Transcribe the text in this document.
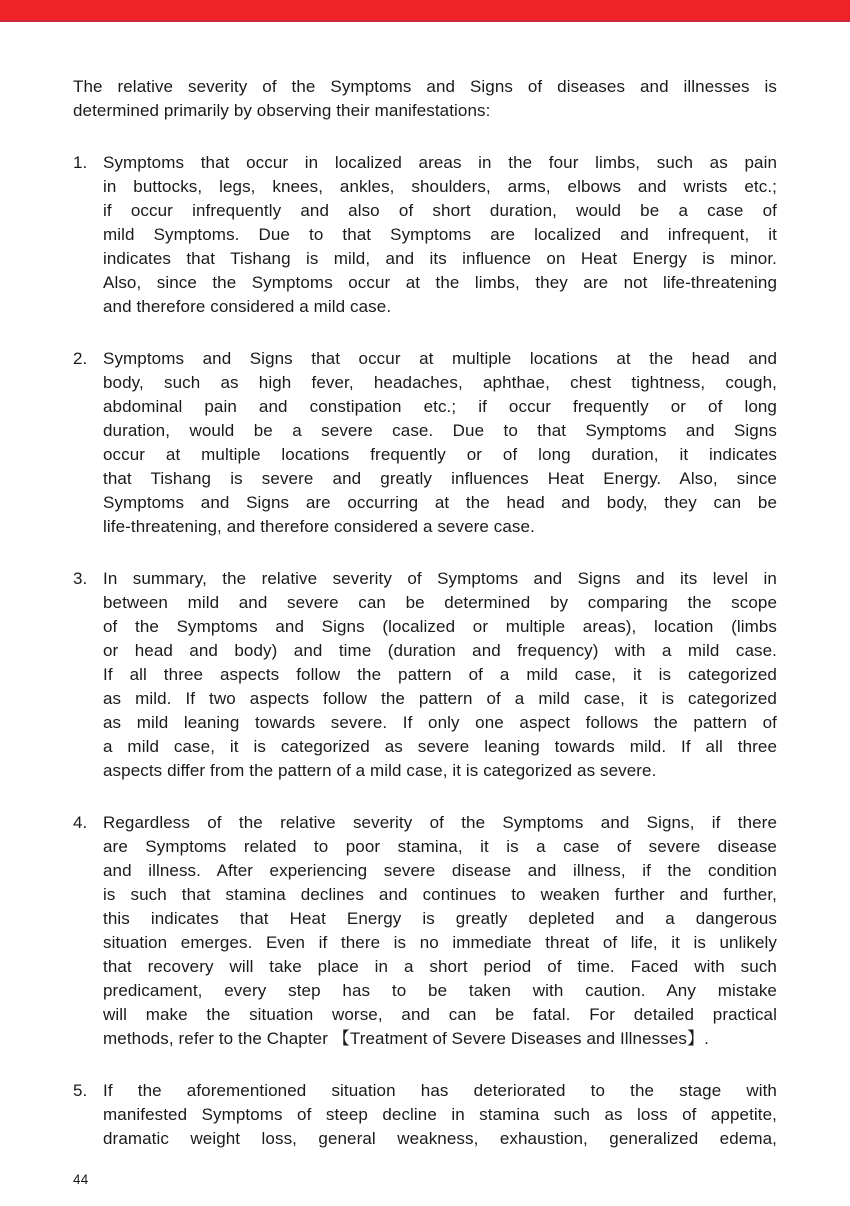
The relative severity of the Symptoms and Signs of diseases and illnesses is
determined primarily by observing their manifestations:
1. Symptoms that occur in localized areas in the four limbs, such as pain
in buttocks, legs, knees, ankles, shoulders, arms, elbows and wrists etc.;
if occur infrequently and also of short duration, would be a case of
mild Symptoms. Due to that Symptoms are localized and infrequent, it
indicates that Tishang is mild, and its influence on Heat Energy is minor.
Also, since the Symptoms occur at the limbs, they are not life-threatening
and therefore considered a mild case.
2. Symptoms and Signs that occur at multiple locations at the head and
body, such as high fever, headaches, aphthae, chest tightness, cough,
abdominal pain and constipation etc.; if occur frequently or of long
duration, would be a severe case. Due to that Symptoms and Signs
occur at multiple locations frequently or of long duration, it indicates
that Tishang is severe and greatly influences Heat Energy. Also, since
Symptoms and Signs are occurring at the head and body, they can be
life-threatening, and therefore considered a severe case.
3. In summary, the relative severity of Symptoms and Signs and its level in
between mild and severe can be determined by comparing the scope
of the Symptoms and Signs (localized or multiple areas), location (limbs
or head and body) and time (duration and frequency) with a mild case.
If all three aspects follow the pattern of a mild case, it is categorized
as mild. If two aspects follow the pattern of a mild case, it is categorized
as mild leaning towards severe. If only one aspect follows the pattern of
a mild case, it is categorized as severe leaning towards mild. If all three
aspects differ from the pattern of a mild case, it is categorized as severe.
4. Regardless of the relative severity of the Symptoms and Signs, if there
are Symptoms related to poor stamina, it is a case of severe disease
and illness. After experiencing severe disease and illness, if the condition
is such that stamina declines and continues to weaken further and further,
this indicates that Heat Energy is greatly depleted and a dangerous
situation emerges. Even if there is no immediate threat of life, it is unlikely
that recovery will take place in a short period of time. Faced with such
predicament, every step has to be taken with caution. Any mistake
will make the situation worse, and can be fatal. For detailed practical
methods, refer to the Chapter 【Treatment of Severe Diseases and Illnesses】.
5. If the aforementioned situation has deteriorated to the stage with
manifested Symptoms of steep decline in stamina such as loss of appetite,
dramatic weight loss, general weakness, exhaustion, generalized edema,
44
